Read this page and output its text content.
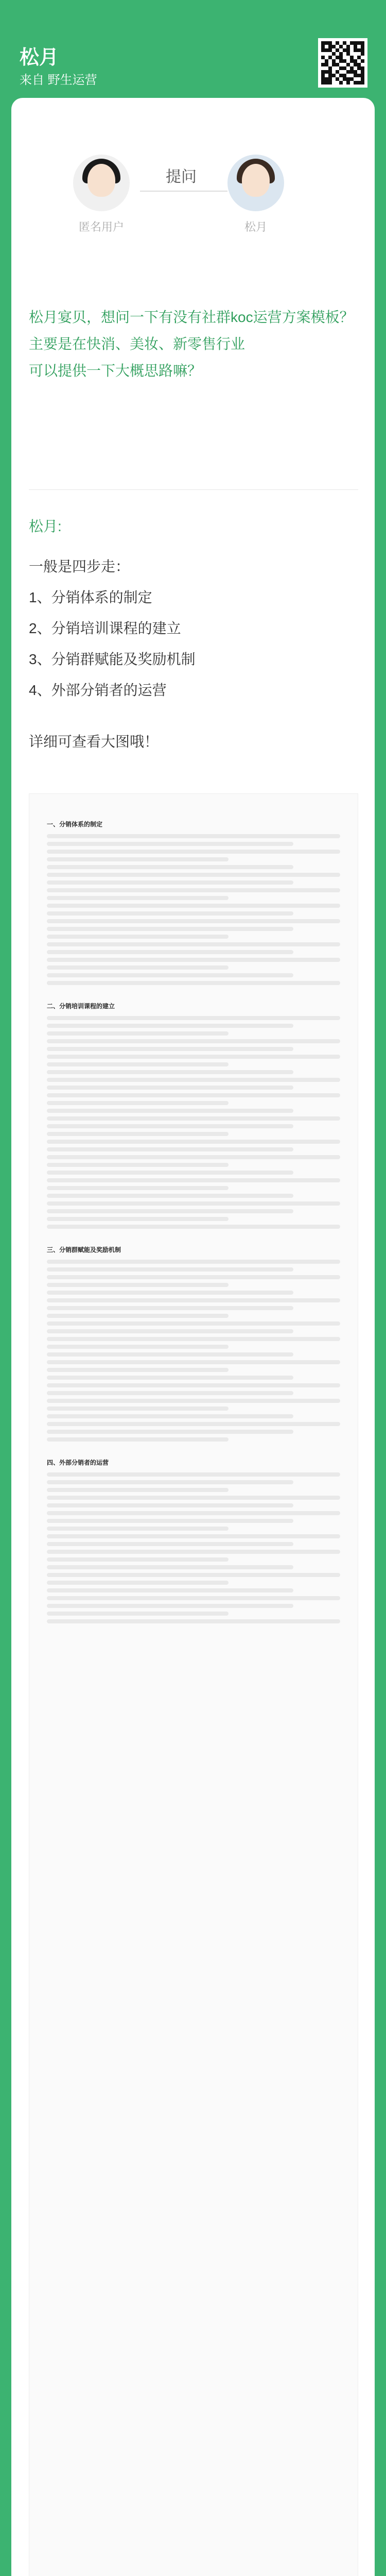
松月
来自 野生运营
匿名用户
提问
松月
松月宴贝，想问一下有没有社群koc运营方案模板？主要是在快消、美妆、新零售行业
可以提供一下大概思路嘛？
松月:

一般是四步走：

1、分销体系的制定

2、分销培训课程的建立

3、分销群赋能及奖励机制

4、外部分销者的运营

详细可查看大图哦！

一、分销体系的制定
二、分销培训课程的建立
三、分销群赋能及奖励机制
四、外部分销者的运营
